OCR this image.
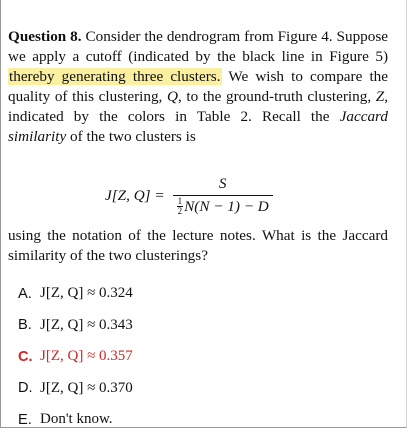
Question 8. Consider the dendrogram from Figure 4. Suppose we apply a cutoff (indicated by the black line in Figure 5) thereby generating three clusters. We wish to compare the quality of this clustering, Q, to the ground-truth clustering, Z, indicated by the colors in Table 2. Recall the Jaccard similarity of the two clusters is
J[Z, $Q] = \frac{S}{\frac{1}{2} N(N - 1) - D}$
using the notation of the lecture notes. What is the Jaccard similarity of the two clusterings?
A. J[Z, Q] ≈ 0.324
B. J[Z, Q] ≈ 0.343
C. J[Z, Q] ≈ 0.357
D. J[Z, Q] ≈ 0.370
E. Don't know.
